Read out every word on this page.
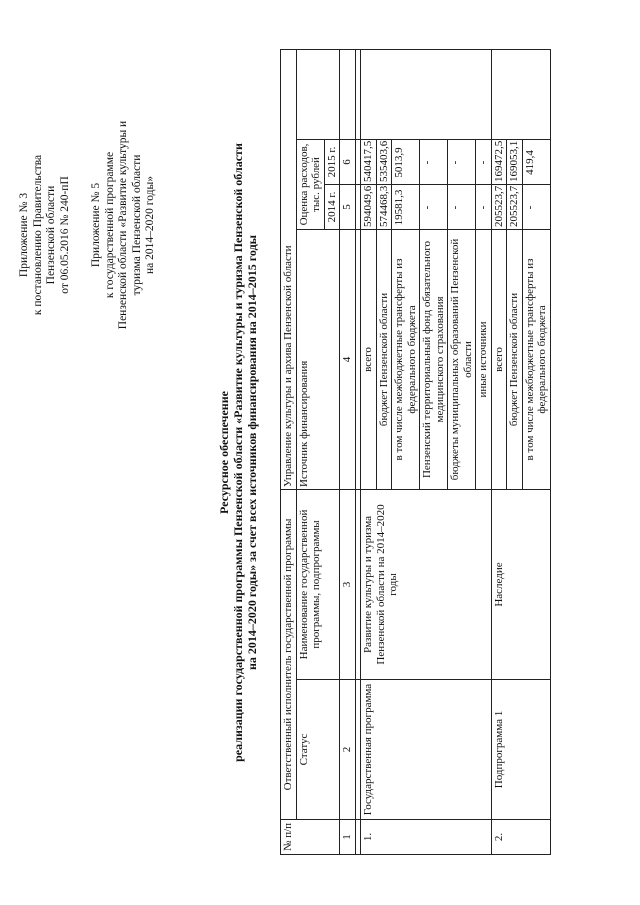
Приложение № 3 к постановлению Правительства Пензенской области от 06.05.2016 № 240-пП Приложение № 5 к государственной программе Пензенской области «Развитие культуры и туризма Пензенской области на 2014–2020 годы»
Ресурсное обеспечение реализации государственной программы Пензенской области «Развитие культуры и туризма Пензенской области на 2014–2020 годы» за счет всех источников финансирования на 2014–2015 годы
№ п/п	Ответственный исполнитель государственной программы		Управление культуры и архива Пензенской области			
	Статус	Наименование государственной программы, подпрограммы	Источник финансирования	Оценка расходов, тыс. рублей		
				2014 г.	2015 г.	
1	2	3	4	5	6	

1.	Государственная программа	Развитие культуры и туризма Пензенской области на 2014–2020 годы	всего	594049,6	540417,5	
			бюджет Пензенской области	574468,3	535403,6	
			в том числе межбюджетные трансферты из федерального бюджета	19581,3	5013,9	
			Пензенский территориальный фонд обязательного медицинского страхования	-	-	
			бюджеты муниципальных образований Пензенской области	-	-	
			иные источники	-	-	
2.	Подпрограмма 1	Наследие	всего	205523,7	169472,5	
			бюджет Пензенской области	205523,7	169053,1	
			в том числе межбюджетные трансферты из федерального бюджета	-	419,4	
